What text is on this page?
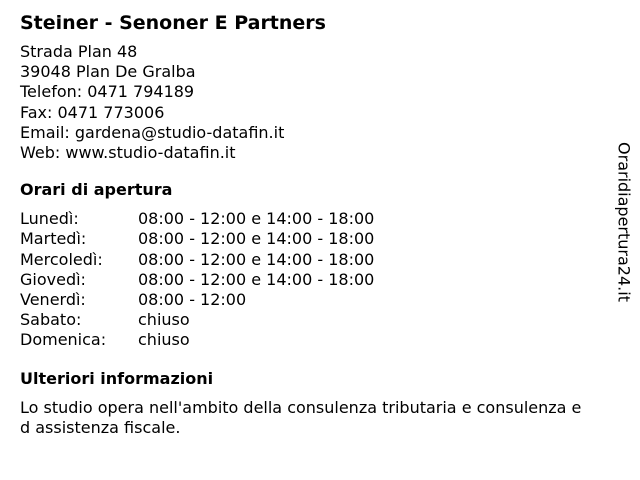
Steiner - Senoner E Partners
Strada Plan 48
39048 Plan De Gralba
Telefon: 0471 794189
Fax: 0471 773006
Email: gardena@studio-datafin.it
Web: www.studio-datafin.it
Orari di apertura
Lunedì:	08:00 - 12:00 e 14:00 - 18:00
Martedì:	08:00 - 12:00 e 14:00 - 18:00
Mercoledì: 08:00 - 12:00 e 14:00 - 18:00
Giovedì:	08:00 - 12:00 e 14:00 - 18:00
Venerdì:	08:00 - 12:00
Sabato:	chiuso
Domenica: chiuso
Ulteriori informazioni

Lo studio opera nell'ambito della consulenza tributaria e consulenza ed assistenza fiscale.

Oraridiapertura24.it
